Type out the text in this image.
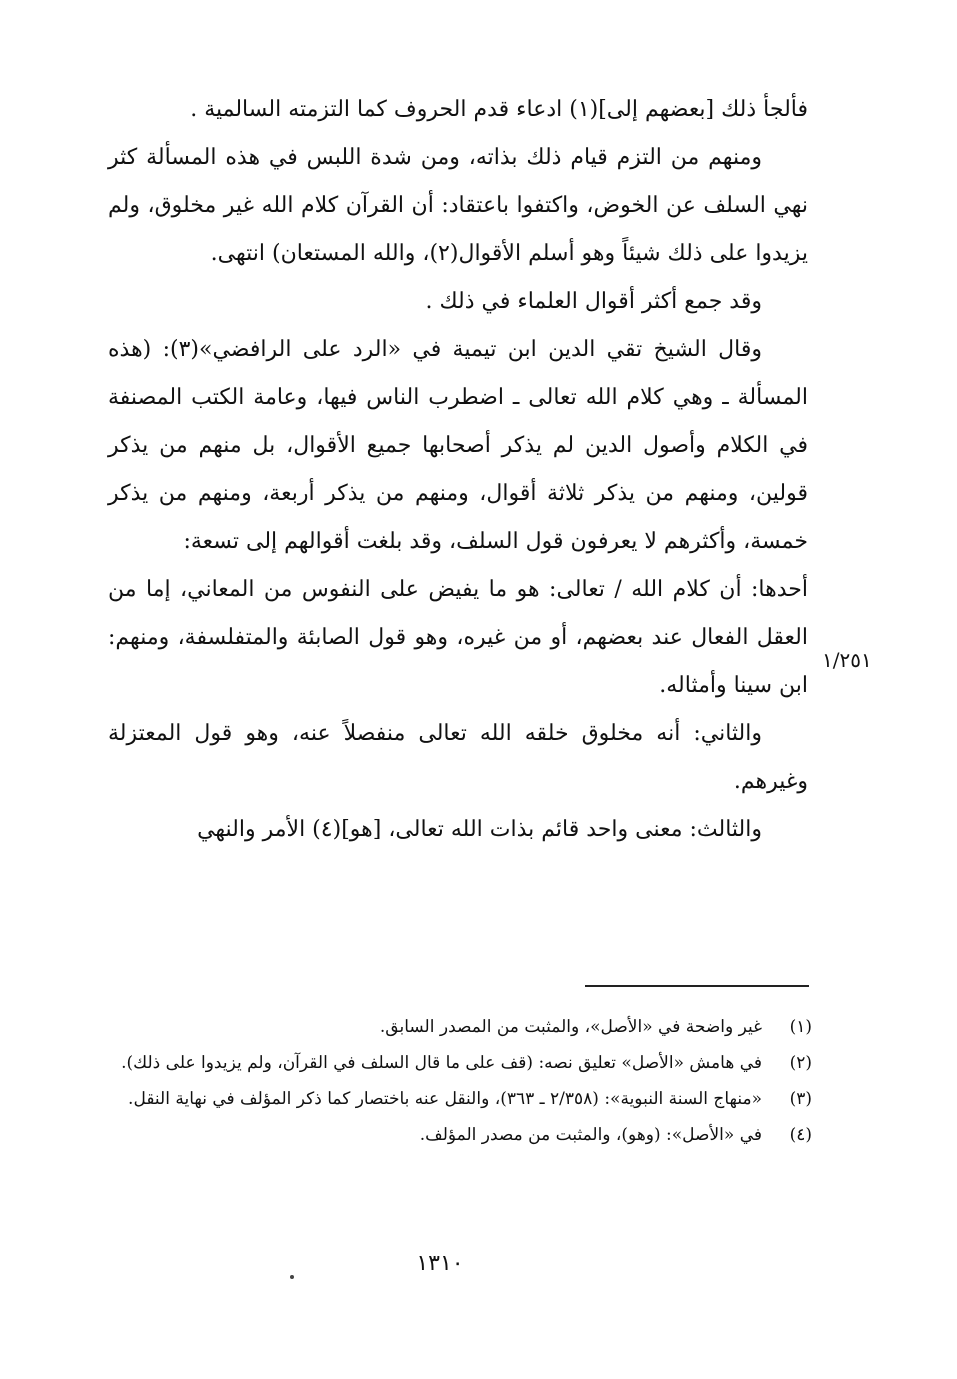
فألجأ ذلك [بعضهم إلى](١) ادعاء قدم الحروف كما التزمته السالمية .

ومنهم من التزم قيام ذلك بذاته، ومن شدة اللبس في هذه المسألة كثر نهي السلف عن الخوض، واكتفوا باعتقاد: أن القرآن كلام الله غير مخلوق، ولم يزيدوا على ذلك شيئاً وهو أسلم الأقوال(٢)، والله المستعان) انتهى.

وقد جمع أكثر أقوال العلماء في ذلك .

وقال الشيخ تقي الدين ابن تيمية في «الرد على الرافضي»(٣): (هذه المسألة ـ وهي كلام الله تعالى ـ اضطرب الناس فيها، وعامة الكتب المصنفة في الكلام وأصول الدين لم يذكر أصحابها جميع الأقوال، بل منهم من يذكر قولين، ومنهم من يذكر ثلاثة أقوال، ومنهم من يذكر أربعة، ومنهم من يذكر خمسة، وأكثرهم لا يعرفون قول السلف، وقد بلغت أقوالهم إلى تسعة:

أحدها: أن كلام الله / تعالى: هو ما يفيض على النفوس من المعاني، إما من العقل الفعال عند بعضهم، أو من غيره، وهو قول الصابئة والمتفلسفة، ومنهم: ابن سينا وأمثاله.

والثاني: أنه مخلوق خلقه الله تعالى منفصلاً عنه، وهو قول المعتزلة وغيرهم.

والثالث: معنى واحد قائم بذات الله تعالى، [هو](٤) الأمر والنهي

١/٢٥١
(١)
غير واضحة في «الأصل»، والمثبت من المصدر السابق.
(٢)
في هامش «الأصل» تعليق نصه: (قف على ما قال السلف في القرآن، ولم يزيدوا على ذلك).
(٣)
«منهاج السنة النبوية»: (٢/٣٥٨ ـ ٣٦٣)، والنقل عنه باختصار كما ذكر المؤلف في نهاية النقل.
(٤)
في «الأصل»: (وهو)، والمثبت من مصدر المؤلف.
١٣١٠
